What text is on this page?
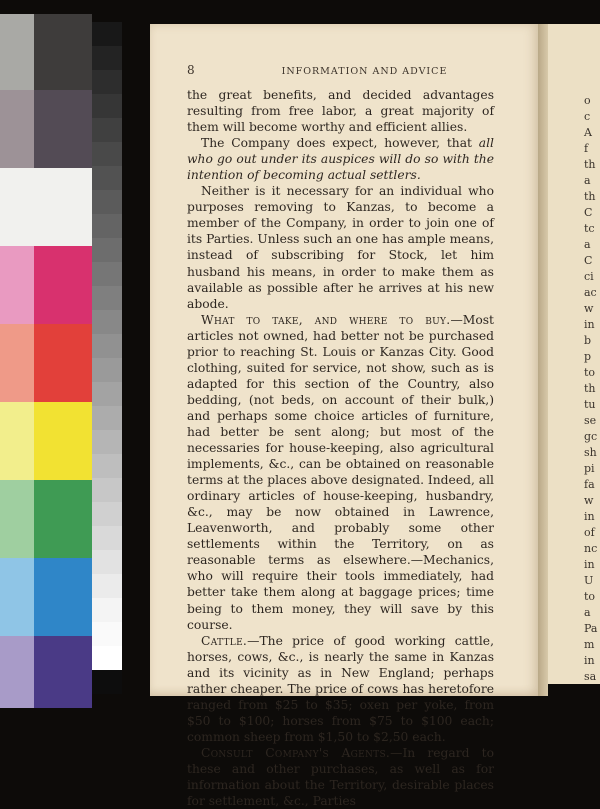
8	INFORMATION AND ADVICE

the great benefits, and decided advantages resulting from free labor, a great majority of them will become worthy and efficient allies.

The Company does expect, however, that all who go out under its auspices will do so with the intention of becoming actual settlers.

Neither is it necessary for an individual who purposes removing to Kanzas, to become a member of the Company, in order to join one of its Parties. Unless such an one has ample means, instead of subscribing for Stock, let him husband his means, in order to make them as available as possible after he arrives at his new abode.

What to take, and where to buy.—Most articles not owned, had better not be purchased prior to reaching St. Louis or Kanzas City. Good clothing, suited for service, not show, such as is adapted for this section of the Country, also bedding, (not beds, on account of their bulk,) and perhaps some choice articles of furniture, had better be sent along; but most of the necessaries for house-keeping, also agricultural implements, &c., can be obtained on reasonable terms at the places above designated. Indeed, all ordinary articles of house-keeping, husbandry, &c., may be now obtained in Lawrence, Leavenworth, and probably some other settlements within the Territory, on as reasonable terms as elsewhere.—Mechanics, who will require their tools immediately, had better take them along at baggage prices; time being to them money, they will save by this course.

Cattle.—The price of good working cattle, horses, cows, &c., is nearly the same in Kanzas and its vicinity as in New England; perhaps rather cheaper. The price of cows has heretofore ranged from $25 to $35; oxen per yoke, from $50 to $100; horses from $75 to $100 each; common sheep from $1,50 to $2,50 each.

Consult Company's Agents.—In regard to these and other purchases, as well as for information about the Territory, desirable places for settlement, &c., Parties

o
c
A
f
th
a
th
C
tc
a
C
ci
ac
w
in
b
p
to
th
tu
se
gc
sh
pi
fa
w
in
of
nc
in
U
to
a
Pa
m
in
sa
